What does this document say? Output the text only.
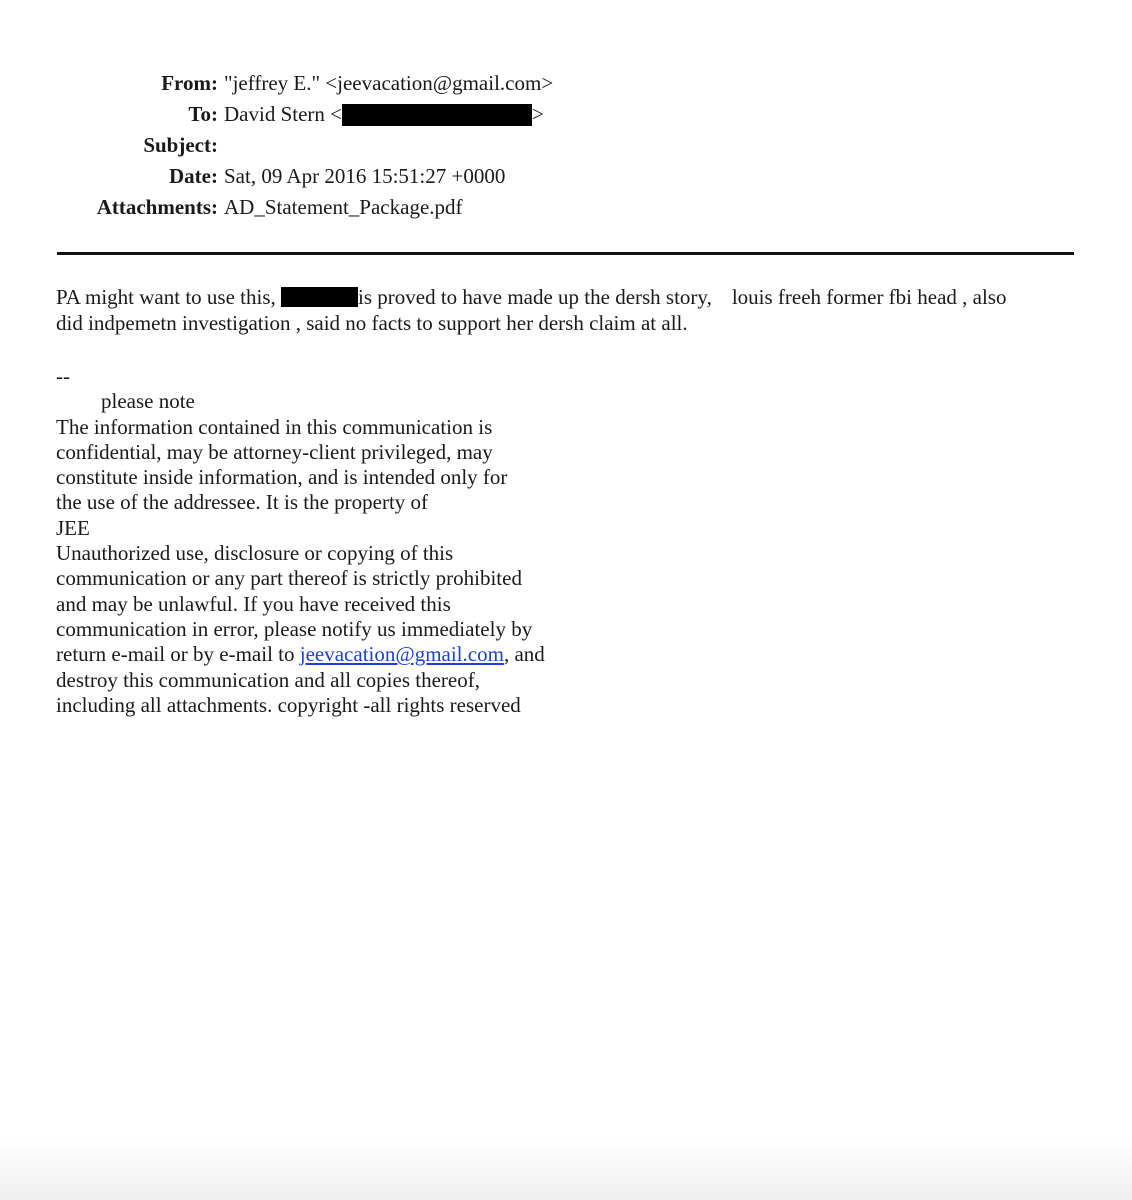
From: "jeffrey E." <jeevacation@gmail.com>
To: David Stern <	>
Subject:
Date: Sat, 09 Apr 2016 15:51:27 +0000
Attachments: AD_Statement_Package.pdf

PA might want to use this,	is proved to have made up the dersh story, louis freeh former fbi head , also

did indpemetn investigation , said no facts to support her dersh claim at all.

--
please note
The information contained in this communication is
confidential, may be attorney-client privileged, may
constitute inside information, and is intended only for
the use of the addressee. It is the property of
JEE
Unauthorized use, disclosure or copying of this
communication or any part thereof is strictly prohibited
and may be unlawful. If you have received this
communication in error, please notify us immediately by
return e-mail or by e-mail to jeevacation@gmail.com, and
destroy this communication and all copies thereof,
including all attachments. copyright -all rights reserved
